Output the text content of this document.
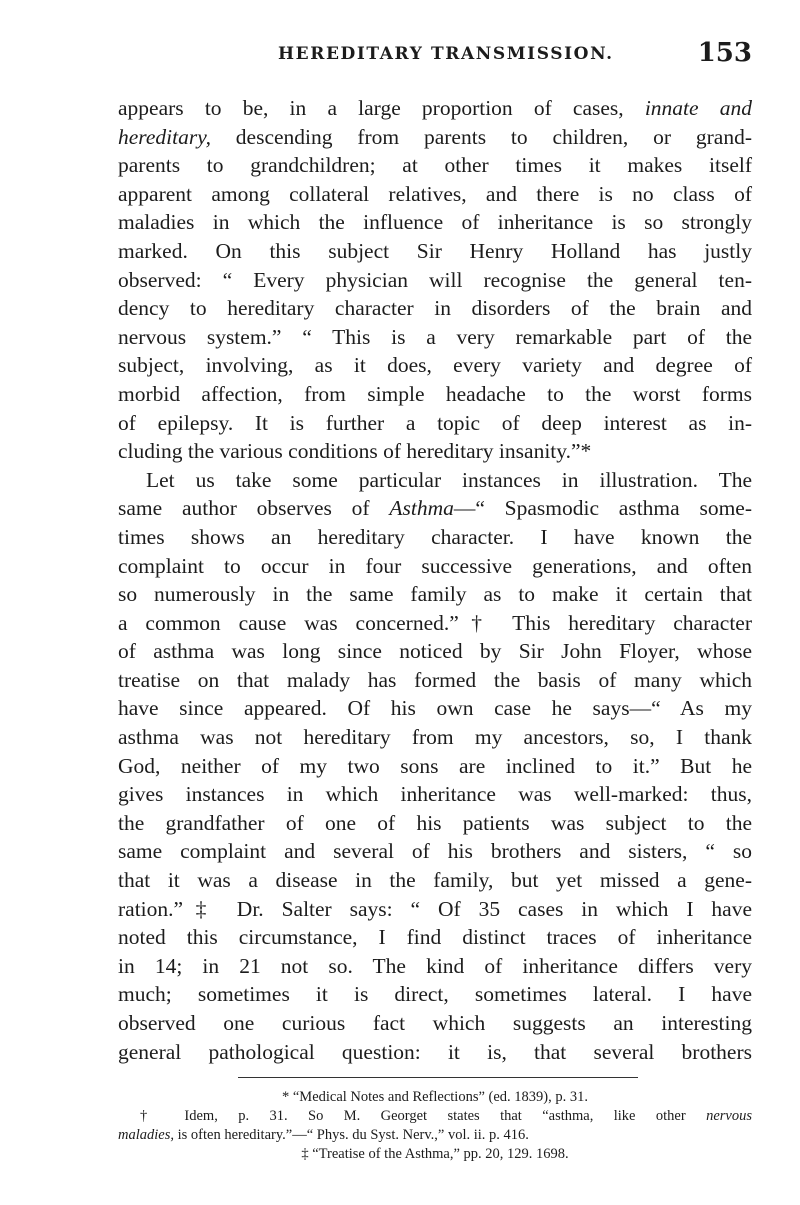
HEREDITARY TRANSMISSION.	153
appears to be, in a large proportion of cases, innate and
hereditary, descending from parents to children, or grand-
parents to grandchildren; at other times it makes itself
apparent among collateral relatives, and there is no class of
maladies in which the influence of inheritance is so strongly
marked. On this subject Sir Henry Holland has justly
observed: “ Every physician will recognise the general ten-
dency to hereditary character in disorders of the brain and
nervous system.” “ This is a very remarkable part of the
subject, involving, as it does, every variety and degree of
morbid affection, from simple headache to the worst forms
of epilepsy. It is further a topic of deep interest as in-
cluding the various conditions of hereditary insanity.”*
Let us take some particular instances in illustration. The
same author observes of Asthma—“ Spasmodic asthma some-
times shows an hereditary character. I have known the
complaint to occur in four successive generations, and often
so numerously in the same family as to make it certain that
a common cause was concerned.”† This hereditary character
of asthma was long since noticed by Sir John Floyer, whose
treatise on that malady has formed the basis of many which
have since appeared. Of his own case he says—“ As my
asthma was not hereditary from my ancestors, so, I thank
God, neither of my two sons are inclined to it.” But he
gives instances in which inheritance was well-marked: thus,
the grandfather of one of his patients was subject to the
same complaint and several of his brothers and sisters, “ so
that it was a disease in the family, but yet missed a gene-
ration.”‡ Dr. Salter says: “ Of 35 cases in which I have
noted this circumstance, I find distinct traces of inheritance
in 14; in 21 not so. The kind of inheritance differs very
much; sometimes it is direct, sometimes lateral. I have
observed one curious fact which suggests an interesting
general pathological question: it is, that several brothers
* “Medical Notes and Reflections” (ed. 1839), p. 31.
† Idem, p. 31. So M. Georget states that “asthma, like other nervous
maladies, is often hereditary.”—“ Phys. du Syst. Nerv.,” vol. ii. p. 416.
‡ “Treatise of the Asthma,” pp. 20, 129. 1698.
